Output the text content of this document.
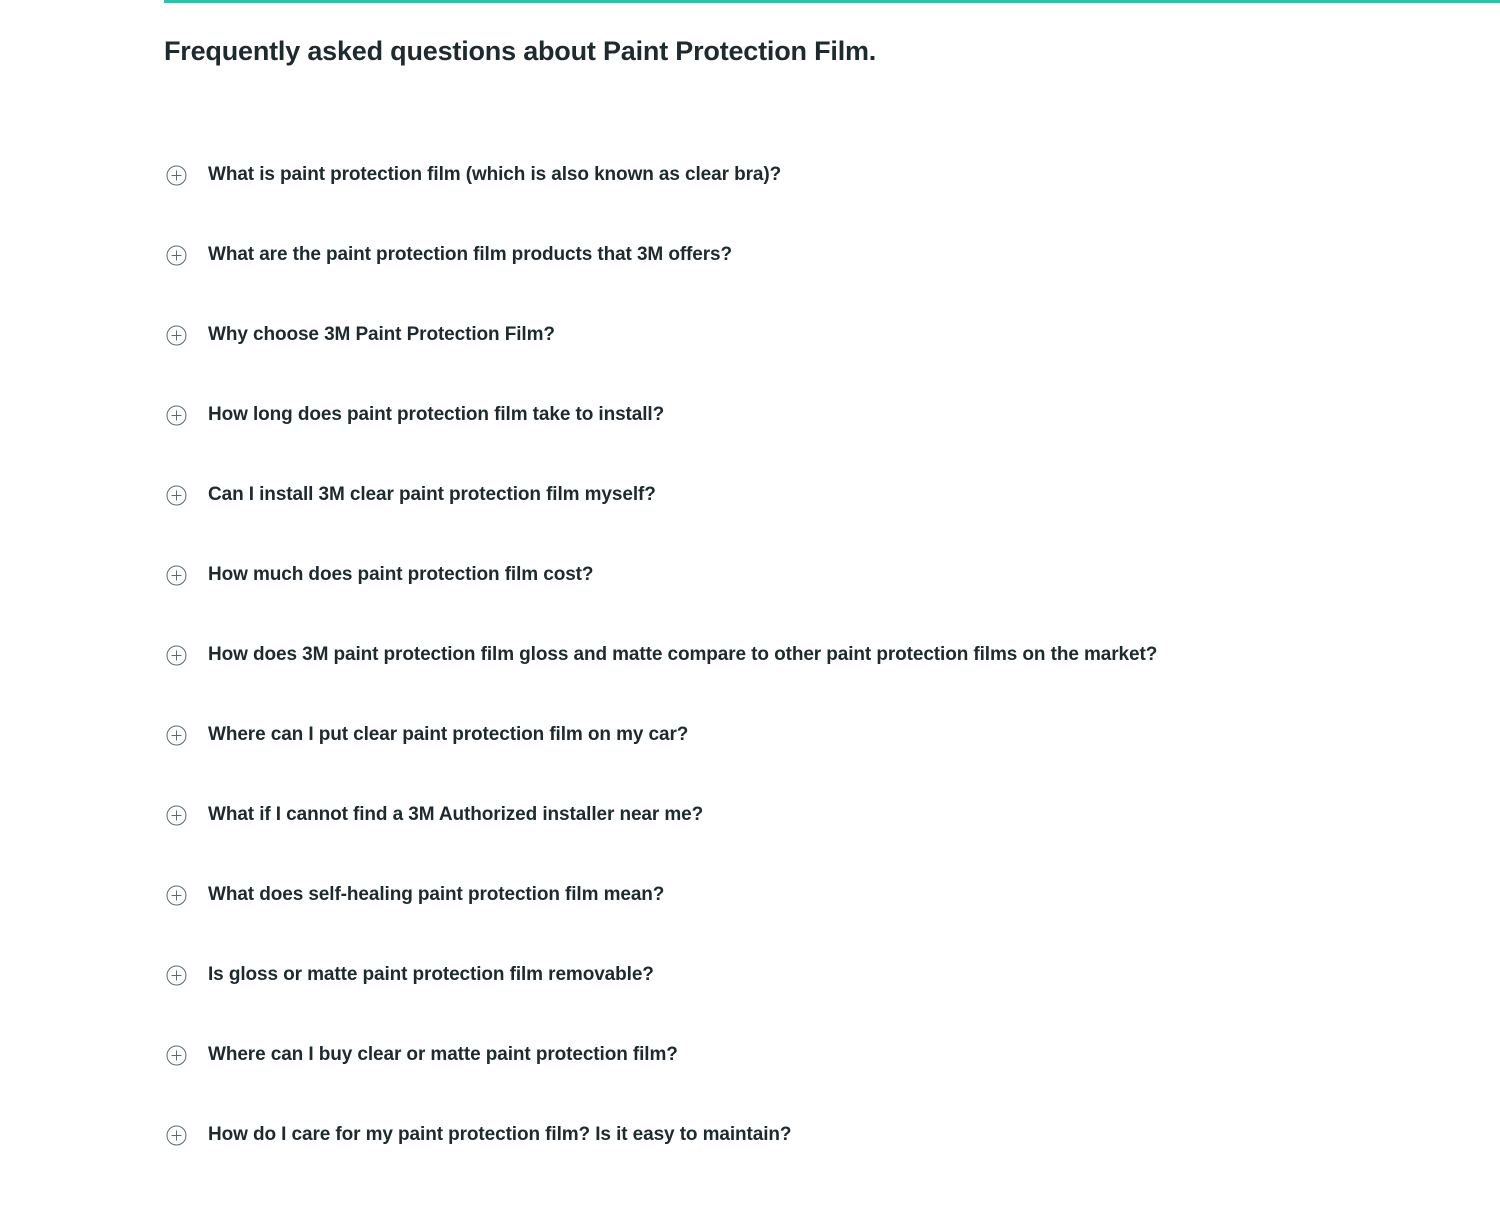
Frequently asked questions about Paint Protection Film.
What is paint protection film (which is also known as clear bra)?
What are the paint protection film products that 3M offers?
Why choose 3M Paint Protection Film?
How long does paint protection film take to install?
Can I install 3M clear paint protection film myself?
How much does paint protection film cost?
How does 3M paint protection film gloss and matte compare to other paint protection films on the market?
Where can I put clear paint protection film on my car?
What if I cannot find a 3M Authorized installer near me?
What does self-healing paint protection film mean?
Is gloss or matte paint protection film removable?
Where can I buy clear or matte paint protection film?
How do I care for my paint protection film? Is it easy to maintain?
